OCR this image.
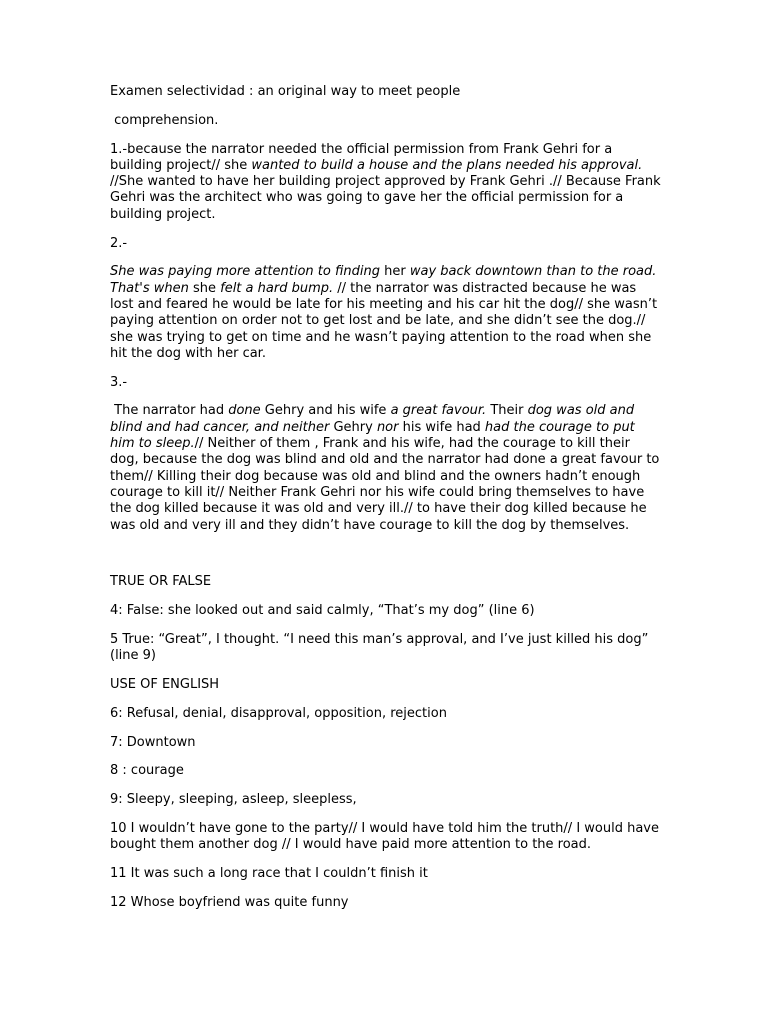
Examen selectividad : an original way to meet people

comprehension.

1.-because the narrator needed the official permission from Frank Gehri for a building project// she wanted to build a house and the plans needed his approval. //She wanted to have her building project approved by Frank Gehri .// Because Frank Gehri was the architect who was going to gave her the official permission for a building project.

2.-

She was paying more attention to finding her way back downtown than to the road. That's when she felt a hard bump. // the narrator was distracted because he was lost and feared he would be late for his meeting and his car hit the dog// she wasn’t paying attention on order not to get lost and be late, and she didn’t see the dog.// she was trying to get on time and he wasn’t paying attention to the road when she hit the dog with her car.

3.-

The narrator had done Gehry and his wife a great favour. Their dog was old and blind and had cancer, and neither Gehry nor his wife had had the courage to put him to sleep.// Neither of them , Frank and his wife, had the courage to kill their dog, because the dog was blind and old and the narrator had done a great favour to them// Killing their dog because was old and blind and the owners hadn’t enough courage to kill it// Neither Frank Gehri nor his wife could bring themselves to have the dog killed because it was old and very ill.// to have their dog killed because he was old and very ill and they didn’t have courage to kill the dog by themselves.

TRUE OR FALSE

4: False: she looked out and said calmly, “That’s my dog” (line 6)

5 True: “Great”, I thought. “I need this man’s approval, and I’ve just killed his dog” (line 9)

USE OF ENGLISH

6: Refusal, denial, disapproval, opposition, rejection

7: Downtown

8 : courage

9: Sleepy, sleeping, asleep, sleepless,

10 I wouldn’t have gone to the party// I would have told him the truth// I would have bought them another dog // I would have paid more attention to the road.

11 It was such a long race that I couldn’t finish it

12 Whose boyfriend was quite funny
